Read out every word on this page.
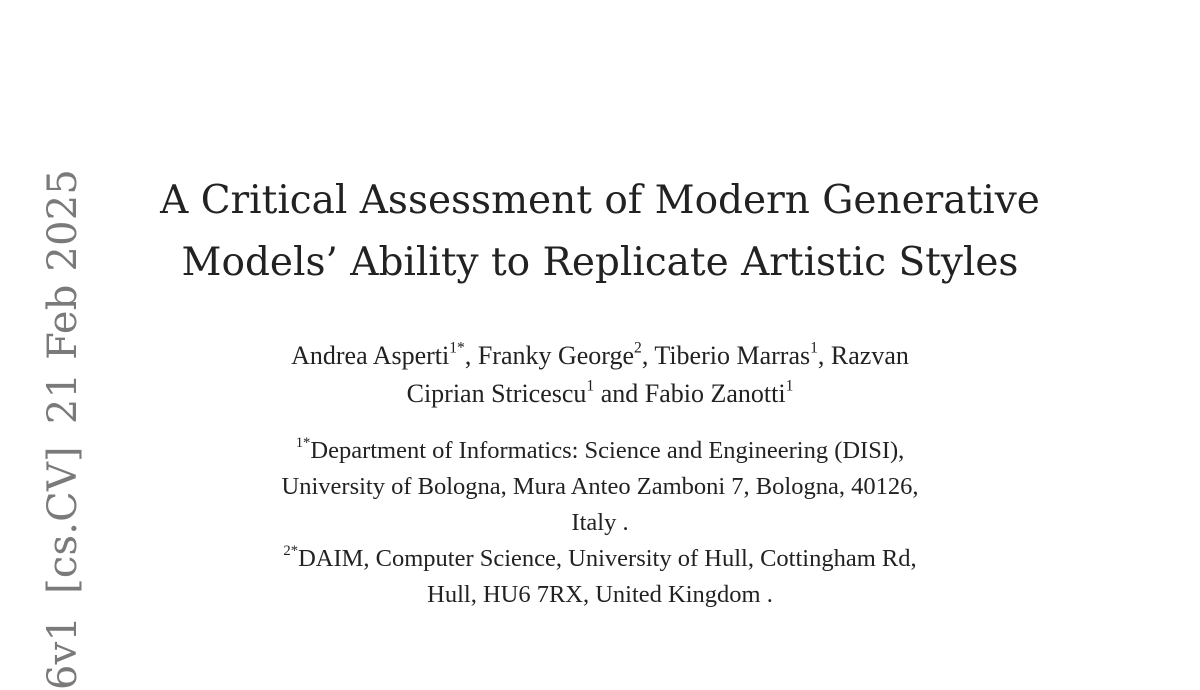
6v1[cs.CV]21 Feb 2025	A Critical Assessment of Modern Generative
Models’ Ability to Replicate Artistic Styles
Andrea Asperti$^{1*}$, Franky George$^2$, Tiberio Marras$^1$, Razvan
Ciprian Stricescu$^1$ and Fabio Zanotti$^1$
$^{1*}$Department of Informatics: Science and Engineering (DISI),
University of Bologna, Mura Anteo Zamboni 7, Bologna, 40126,
Italy .
$^{2*}$DAIM, Computer Science, University of Hull, Cottingham Rd,
Hull, HU6 7RX, United Kingdom .
